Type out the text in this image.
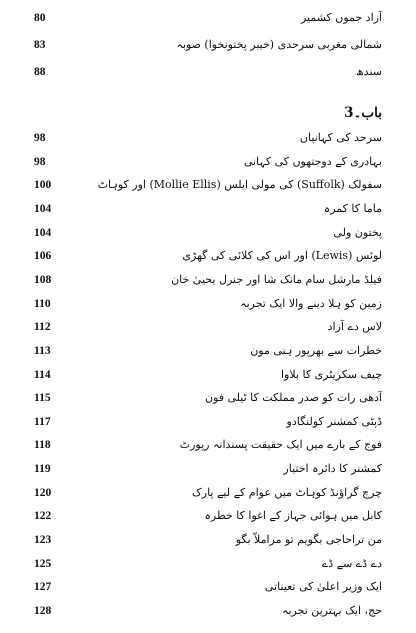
80	آزاد جموں کشمیر
83	شمالی مغربی سرحدی (خیبر پختونخوا) صوبہ
88	سندھ
98	سرحد کی کہانیاں
98	بہادری کے دوجتھوں کی کہانی
100	سفولک (Suffolk) کی مولی ایلس (Mollie Ellis) اور کوہاٹ
104	ماما کا کمرہ
104	پختون ولی
106	لوئس (Lewis) اور اس کی کلائی کی گھڑی
108	فیلڈ مارشل سام مانک شا اور جنرل یحییٰ خان
110	زمین کو ہلا دینے والا ایک تجربہ
112	لاس دے آزاد
113	خطرات سے بھرپور ہنی مون
114	چیف سکریٹری کا بلاوا
115	آدھی رات کو صدر مملکت کا ٹیلی فون
117	ڈپٹی کمشنر کولنگادو
118	فوج کے بارے میں ایک حقیقت پسندانہ رپورٹ
119	کمشنر کا دائرہ اختیار
120	چرچ گراؤنڈ کوہاٹ میں عوام کے لیے پارک
122	کابل میں ہوائی جہاز کے اغوا کا خطرہ
123	من تراحاجی بگویم تو مراملاّ بگو
125	دے ڈے سے ڈے
127	ایک وزیر اعلیٰ کی تعیناتی
128	حج، ایک بہترین تجربہ
باب۔3
